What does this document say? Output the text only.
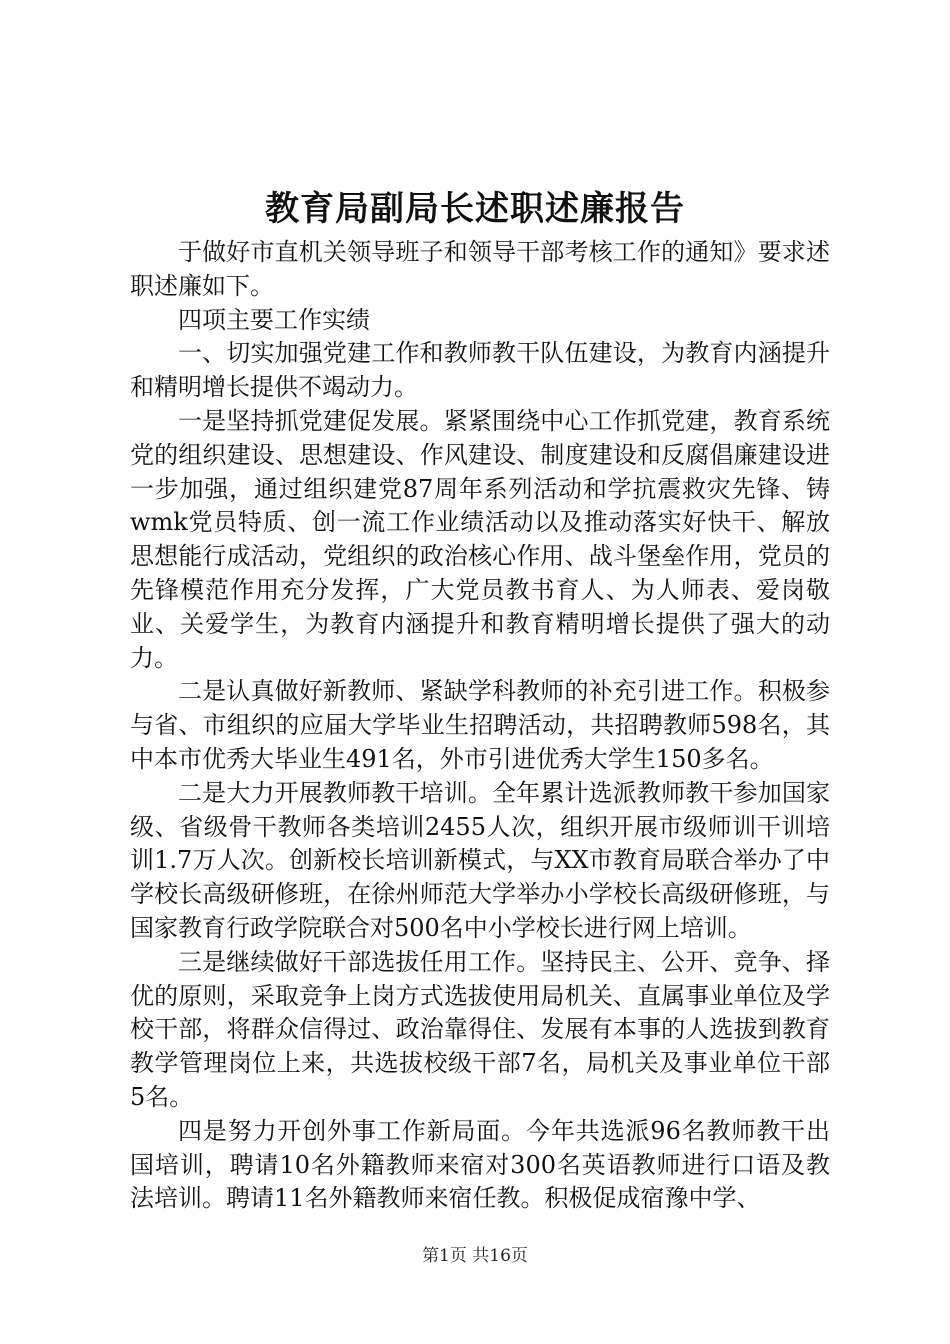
教育局副局长述职述廉报告

于做好市直机关领导班子和领导干部考核工作的通知》要求述职述廉如下。

四项主要工作实绩

一、切实加强党建工作和教师教干队伍建设，为教育内涵提升和精明增长提供不竭动力。

一是坚持抓党建促发展。紧紧围绕中心工作抓党建，教育系统党的组织建设、思想建设、作风建设、制度建设和反腐倡廉建设进一步加强，通过组织建党87周年系列活动和学抗震救灾先锋、铸wmk党员特质、创一流工作业绩活动以及推动落实好快干、解放思想能行成活动，党组织的政治核心作用、战斗堡垒作用，党员的先锋模范作用充分发挥，广大党员教书育人、为人师表、爱岗敬业、关爱学生，为教育内涵提升和教育精明增长提供了强大的动力。

二是认真做好新教师、紧缺学科教师的补充引进工作。积极参与省、市组织的应届大学毕业生招聘活动，共招聘教师598名，其中本市优秀大毕业生491名，外市引进优秀大学生150多名。

二是大力开展教师教干培训。全年累计选派教师教干参加国家级、省级骨干教师各类培训2455人次，组织开展市级师训干训培训1.7万人次。创新校长培训新模式，与XX市教育局联合举办了中学校长高级研修班，在徐州师范大学举办小学校长高级研修班，与国家教育行政学院联合对500名中小学校长进行网上培训。

三是继续做好干部选拔任用工作。坚持民主、公开、竞争、择优的原则，采取竞争上岗方式选拔使用局机关、直属事业单位及学校干部，将群众信得过、政治靠得住、发展有本事的人选拔到教育教学管理岗位上来，共选拔校级干部7名，局机关及事业单位干部5名。

四是努力开创外事工作新局面。今年共选派96名教师教干出国培训，聘请10名外籍教师来宿对300名英语教师进行口语及教法培训。聘请11名外籍教师来宿任教。积极促成宿豫中学、

第1页 共16页
